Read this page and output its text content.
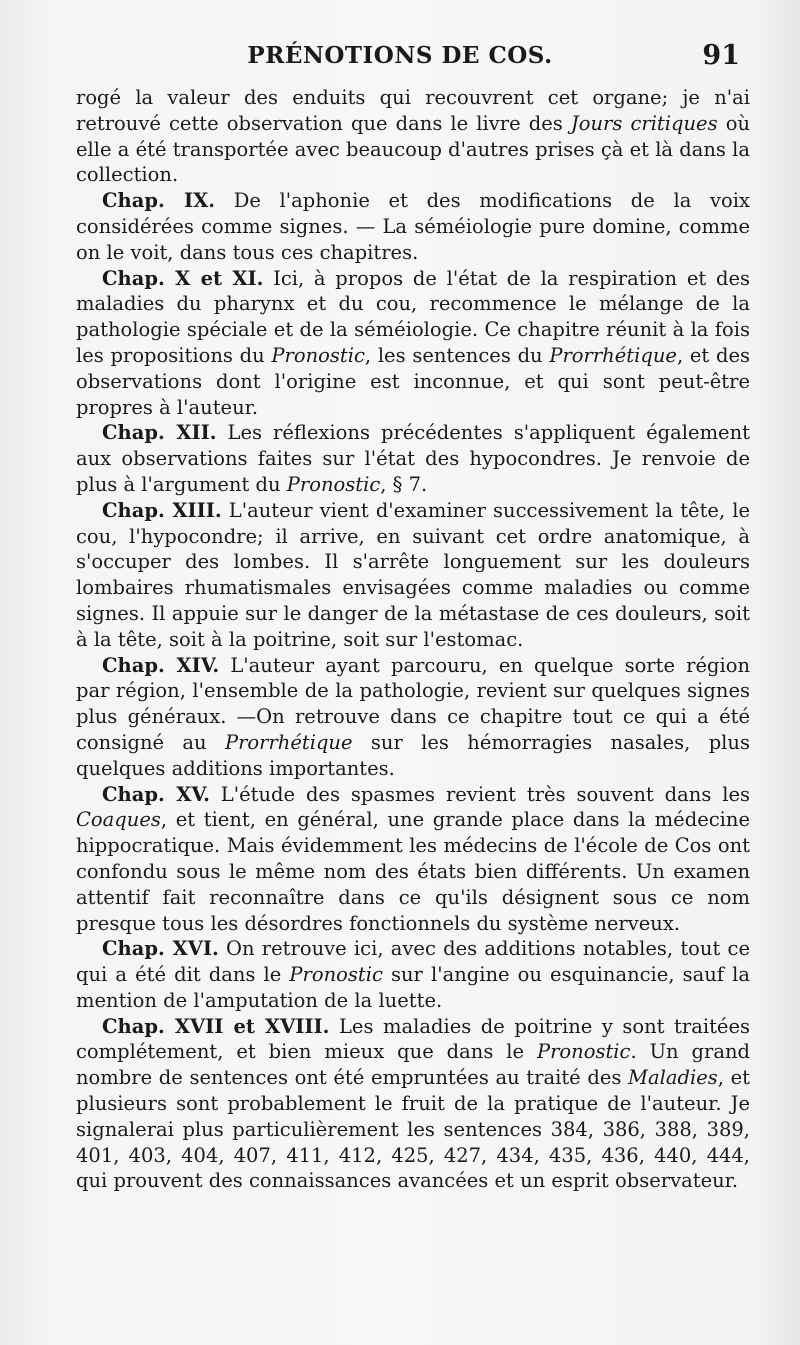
PRÉNOTIONS DE COS.	91

rogé la valeur des enduits qui recouvrent cet organe; je n'ai retrouvé cette observation que dans le livre des Jours critiques où elle a été transportée avec beaucoup d'autres prises çà et là dans la collection.

Chap. IX. De l'aphonie et des modifications de la voix considérées comme signes. — La séméiologie pure domine, comme on le voit, dans tous ces chapitres.

Chap. X et XI. Ici, à propos de l'état de la respiration et des maladies du pharynx et du cou, recommence le mélange de la pathologie spéciale et de la séméiologie. Ce chapitre réunit à la fois les propositions du Pronostic, les sentences du Prorrhétique, et des observations dont l'origine est inconnue, et qui sont peut-être propres à l'auteur.

Chap. XII. Les réflexions précédentes s'appliquent également aux observations faites sur l'état des hypocondres. Je renvoie de plus à l'argument du Pronostic, § 7.

Chap. XIII. L'auteur vient d'examiner successivement la tête, le cou, l'hypocondre; il arrive, en suivant cet ordre anatomique, à s'occuper des lombes. Il s'arrête longuement sur les douleurs lombaires rhumatismales envisagées comme maladies ou comme signes. Il appuie sur le danger de la métastase de ces douleurs, soit à la tête, soit à la poitrine, soit sur l'estomac.

Chap. XIV. L'auteur ayant parcouru, en quelque sorte région par région, l'ensemble de la pathologie, revient sur quelques signes plus généraux. —On retrouve dans ce chapitre tout ce qui a été consigné au Prorrhétique sur les hémorragies nasales, plus quelques additions importantes.

Chap. XV. L'étude des spasmes revient très souvent dans les Coaques, et tient, en général, une grande place dans la médecine hippocratique. Mais évidemment les médecins de l'école de Cos ont confondu sous le même nom des états bien différents. Un examen attentif fait reconnaître dans ce qu'ils désignent sous ce nom presque tous les désordres fonctionnels du système nerveux.

Chap. XVI. On retrouve ici, avec des additions notables, tout ce qui a été dit dans le Pronostic sur l'angine ou esquinancie, sauf la mention de l'amputation de la luette.

Chap. XVII et XVIII. Les maladies de poitrine y sont traitées complétement, et bien mieux que dans le Pronostic. Un grand nombre de sentences ont été empruntées au traité des Maladies, et plusieurs sont probablement le fruit de la pratique de l'auteur. Je signalerai plus particulièrement les sentences 384, 386, 388, 389, 401, 403, 404, 407, 411, 412, 425, 427, 434, 435, 436, 440, 444, qui prouvent des connaissances avancées et un esprit observateur.
